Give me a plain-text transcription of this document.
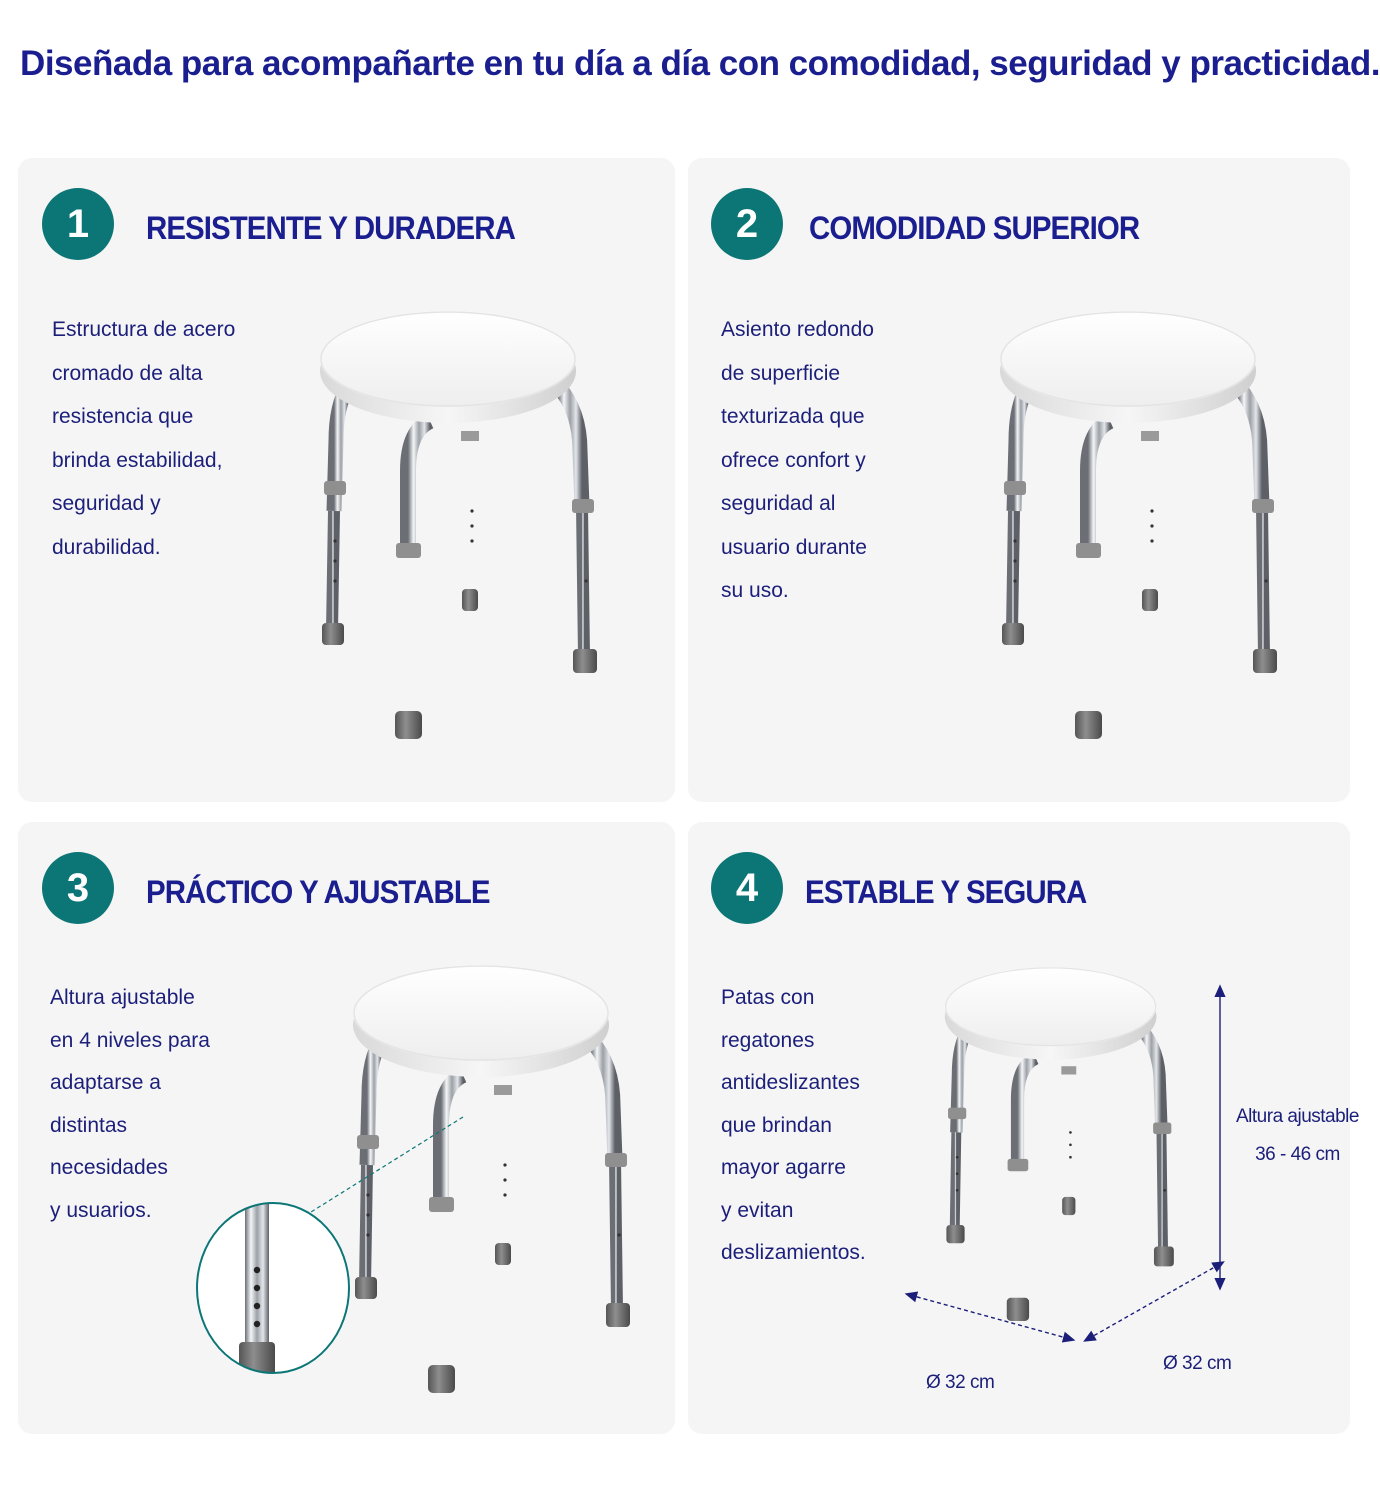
Diseñada para acompañarte en tu día a día con comodidad, seguridad y practicidad.
1	RESISTENTE Y DURADERA
Estructura de acero
cromado de alta
resistencia que
brinda estabilidad,
seguridad y
durabilidad.
2	COMODIDAD SUPERIOR
Asiento redondo
de superficie
texturizada que
ofrece confort y
seguridad al
usuario durante
su uso.
3	PRÁCTICO Y AJUSTABLE
Altura ajustable
en 4 niveles para
adaptarse a
distintas
necesidades
y usuarios.
4	ESTABLE Y SEGURA
Patas con
regatones
antideslizantes
que brindan
mayor agarre
y evitan
deslizamientos.
Altura ajustable
36 - 46 cm
Ø 32 cm
Ø 32 cm
